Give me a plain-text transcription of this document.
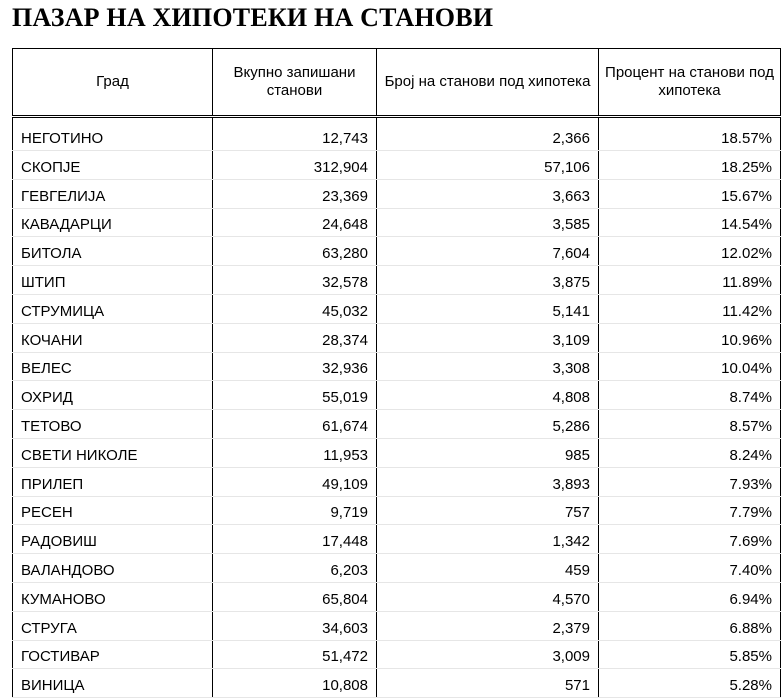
ПАЗАР НА ХИПОТЕКИ НА СТАНОВИ
Град	Вкупно запишани станови	Број на станови под хипотека	Процент на станови под хипотека
НЕГОТИНО	12,743	2,366	18.57%
СКОПЈЕ	312,904	57,106	18.25%
ГЕВГЕЛИЈА	23,369	3,663	15.67%
КАВАДАРЦИ	24,648	3,585	14.54%
БИТОЛА	63,280	7,604	12.02%
ШТИП	32,578	3,875	11.89%
СТРУМИЦА	45,032	5,141	11.42%
КОЧАНИ	28,374	3,109	10.96%
ВЕЛЕС	32,936	3,308	10.04%
ОХРИД	55,019	4,808	8.74%
ТЕТОВО	61,674	5,286	8.57%
СВЕТИ НИКОЛЕ	11,953	985	8.24%
ПРИЛЕП	49,109	3,893	7.93%
РЕСЕН	9,719	757	7.79%
РАДОВИШ	17,448	1,342	7.69%
ВАЛАНДОВО	6,203	459	7.40%
КУМАНОВО	65,804	4,570	6.94%
СТРУГА	34,603	2,379	6.88%
ГОСТИВАР	51,472	3,009	5.85%
ВИНИЦА	10,808	571	5.28%
